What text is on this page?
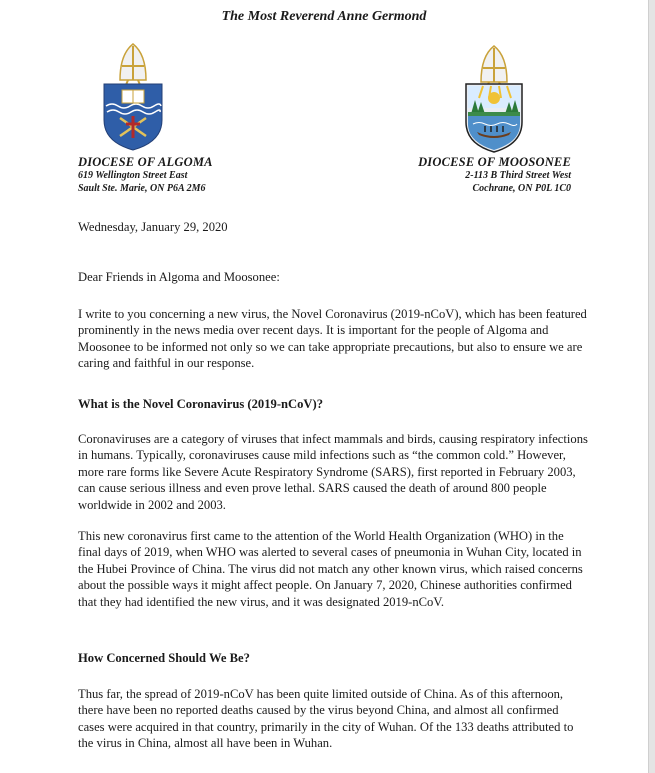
The Most Reverend Anne Germond
DIOCESE OF ALGOMA
619 Wellington Street East
Sault Ste. Marie, ON P6A 2M6
DIOCESE OF MOOSONEE
2-113 B Third Street West
Cochrane, ON P0L 1C0
Wednesday, January 29, 2020
Dear Friends in Algoma and Moosonee:

I write to you concerning a new virus, the Novel Coronavirus (2019-nCoV), which has been featured prominently in the news media over recent days. It is important for the people of Algoma and Moosonee to be informed not only so we can take appropriate precautions, but also to ensure we are caring and faithful in our response.

What is the Novel Coronavirus (2019-nCoV)?

Coronaviruses are a category of viruses that infect mammals and birds, causing respiratory infections in humans. Typically, coronaviruses cause mild infections such as “the common cold.” However, more rare forms like Severe Acute Respiratory Syndrome (SARS), first reported in February 2003, can cause serious illness and even prove lethal. SARS caused the death of around 800 people worldwide in 2002 and 2003.

This new coronavirus first came to the attention of the World Health Organization (WHO) in the final days of 2019, when WHO was alerted to several cases of pneumonia in Wuhan City, located in the Hubei Province of China. The virus did not match any other known virus, which raised concerns about the possible ways it might affect people. On January 7, 2020, Chinese authorities confirmed that they had identified the new virus, and it was designated 2019-nCoV.

How Concerned Should We Be?

Thus far, the spread of 2019-nCoV has been quite limited outside of China. As of this afternoon, there have been no reported deaths caused by the virus beyond China, and almost all confirmed cases were acquired in that country, primarily in the city of Wuhan. Of the 133 deaths attributed to the virus in China, almost all have been in Wuhan.
